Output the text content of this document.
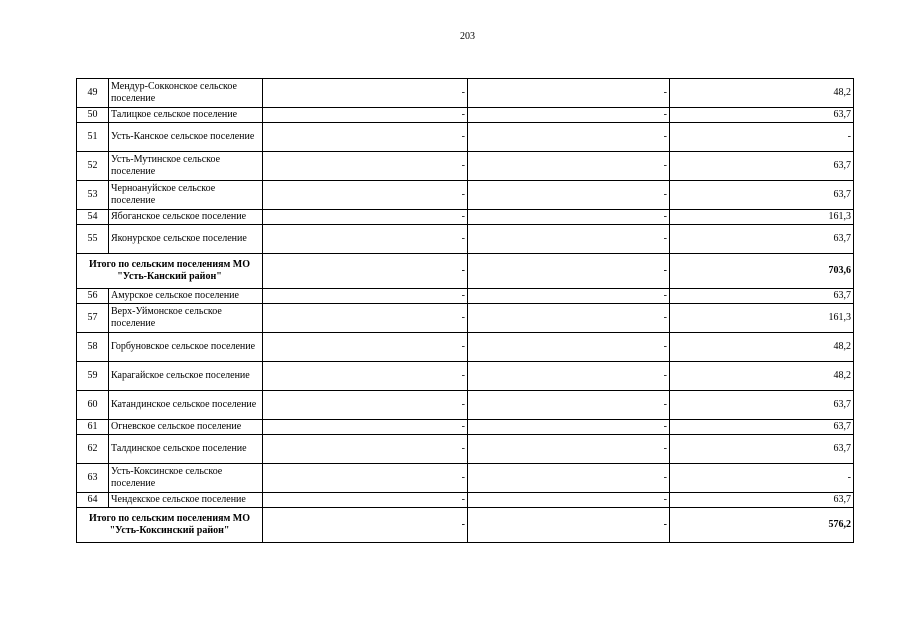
203
49	Мендур-Сокконское сельское поселение	-	-	48,2
50	Талицкое сельское поселение	-	-	63,7
51	Усть-Канское сельское поселение	-	-	-
52	Усть-Мутинское сельское поселение	-	-	63,7
53	Черноануйское сельское поселение	-	-	63,7
54	Ябоганское сельское поселение	-	-	161,3
55	Яконурское сельское поселение	-	-	63,7
Итого по сельским поселениям МО "Усть-Канский район"		-	-	703,6
56	Амурское сельское поселение	-	-	63,7
57	Верх-Уймонское сельское поселение	-	-	161,3
58	Горбуновское сельское поселение	-	-	48,2
59	Карагайское сельское поселение	-	-	48,2
60	Катандинское сельское поселение	-	-	63,7
61	Огневское сельское поселение	-	-	63,7
62	Талдинское сельское поселение	-	-	63,7
63	Усть-Коксинское сельское поселение	-	-	-
64	Чендекское сельское поселение	-	-	63,7
Итого по сельским поселениям МО "Усть-Коксинский район"		-	-	576,2
